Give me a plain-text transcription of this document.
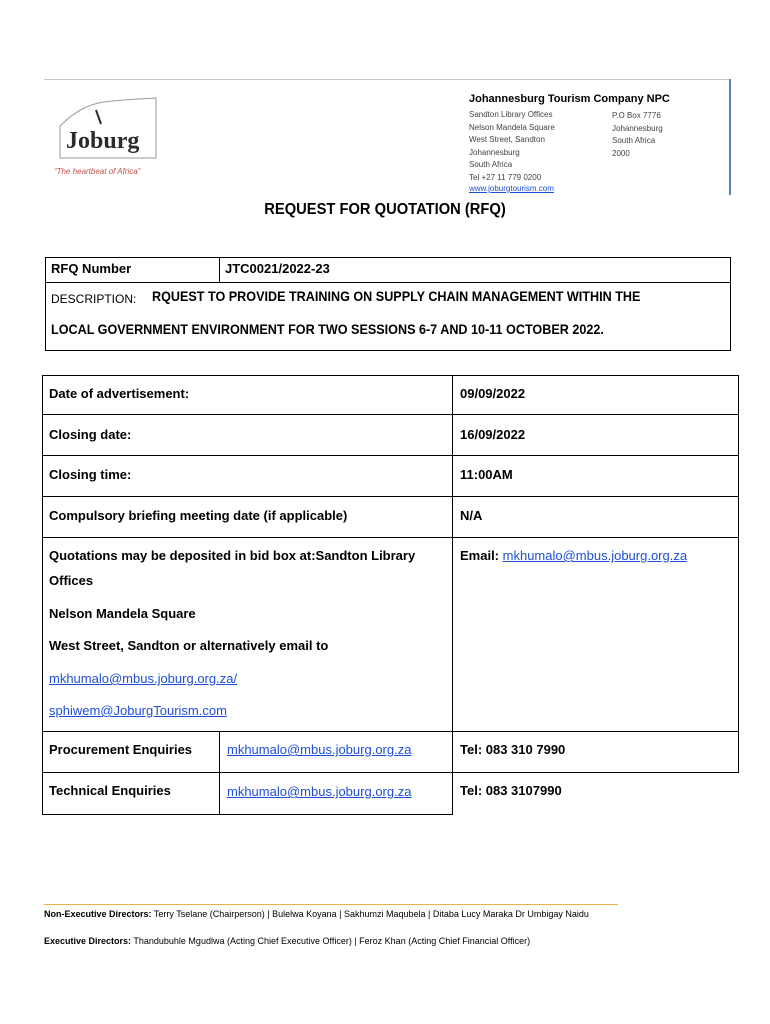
Joburg
“The heartbeat of Africa”
Johannesburg Tourism Company NPC
Sandton Library Offices
Nelson Mandela Square
West Street, Sandton
Johannesburg
South Africa
Tel +27 11 779 0200
P.O Box 7776
Johannesburg
South Africa
2000
www.joburgtourism.com
REQUEST FOR QUOTATION (RFQ)
RFQ Number	JTC0021/2022-23
DESCRIPTION: RQUEST TO PROVIDE TRAINING ON SUPPLY CHAIN MANAGEMENT WITHIN THE
LOCAL GOVERNMENT ENVIRONMENT FOR TWO SESSIONS 6-7 AND 10-11 OCTOBER 2022.
Date of advertisement:	09/09/2022
Closing date:	16/09/2022
Closing time:	11:00AM
Compulsory briefing meeting date (if applicable)	N/A
Quotations may be deposited in bid box at:Sandton Library
Offices
Nelson Mandela Square
West Street, Sandton or alternatively email to
mkhumalo@mbus.joburg.org.za/
sphiwem@JoburgTourism.com
Email: mkhumalo@mbus.joburg.org.za
Procurement Enquiries	mkhumalo@mbus.joburg.org.za	Tel: 083 310 7990
Technical Enquiries	mkhumalo@mbus.joburg.org.za	Tel: 083 3107990
Non-Executive Directors: Terry Tselane (Chairperson) | Bulelwa Koyana | Sakhumzi Maqubela | Ditaba Lucy Maraka Dr Umbigay Naidu
Executive Directors: Thandubuhle Mgudlwa (Acting Chief Executive Officer) | Feroz Khan (Acting Chief Financial Officer)
